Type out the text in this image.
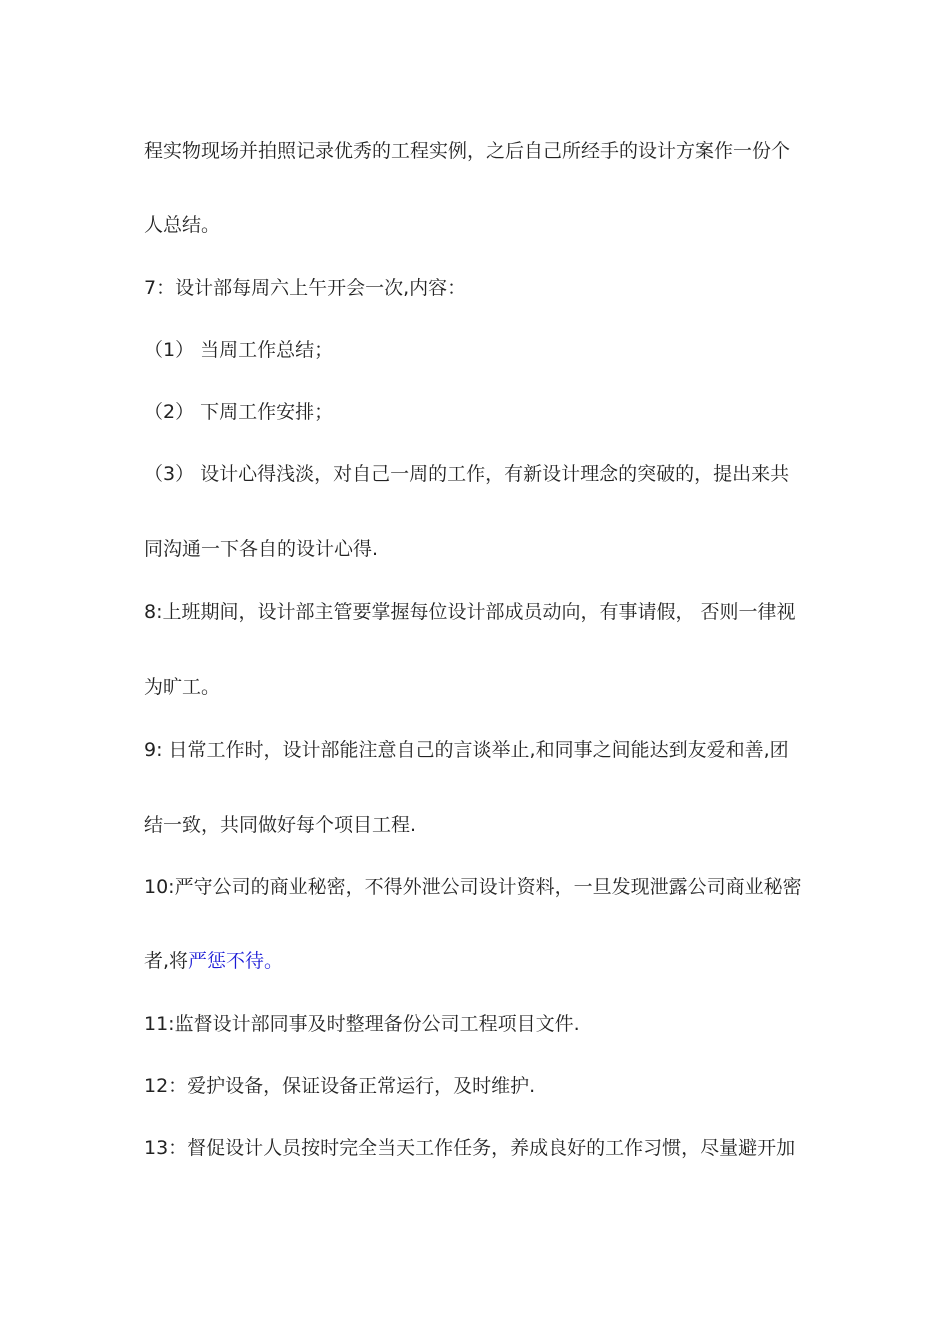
程实物现场并拍照记录优秀的工程实例，之后自己所经手的设计方案作一份个
人总结。
7：设计部每周六上午开会一次,内容：
（1） 当周工作总结；
（2） 下周工作安排；
（3） 设计心得浅淡，对自己一周的工作，有新设计理念的突破的，提出来共
同沟通一下各自的设计心得.
8:上班期间，设计部主管要掌握每位设计部成员动向，有事请假， 否则一律视
为旷工。
9: 日常工作时，设计部能注意自己的言谈举止,和同事之间能达到友爱和善,团
结一致，共同做好每个项目工程.
10:严守公司的商业秘密，不得外泄公司设计资料，一旦发现泄露公司商业秘密
者,将严惩不待。
11:监督设计部同事及时整理备份公司工程项目文件.
12：爱护设备，保证设备正常运行，及时维护.
13：督促设计人员按时完全当天工作任务，养成良好的工作习惯，尽量避开加
